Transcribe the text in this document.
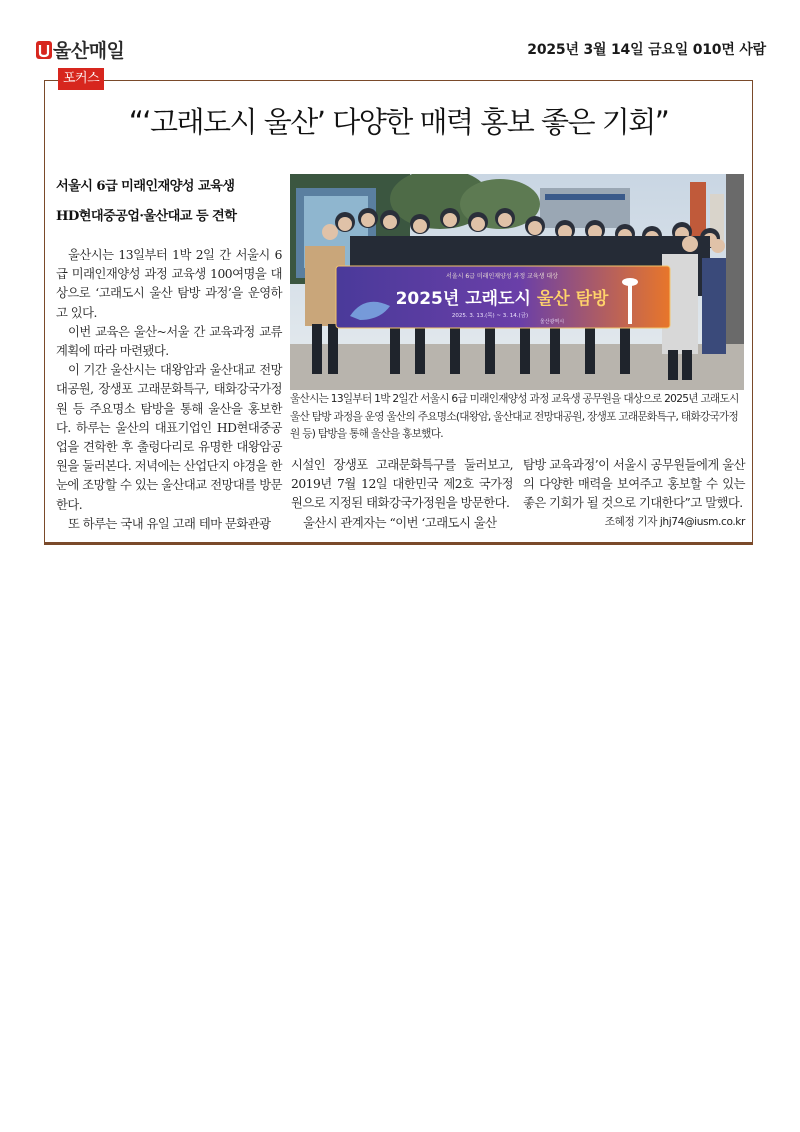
울산매일	2025년 3월 14일 금요일 010면 사람
포커스
“‘고래도시 울산’ 다양한 매력 홍보 좋은 기회”
서울시 6급 미래인재양성 교육생
HD현대중공업·울산대교 등 견학

울산시는 13일부터 1박 2일 간 서울시 6급 미래인재양성 과정 교육생 100여명을 대상으로 ‘고래도시 울산 탐방 과정’을 운영하고 있다.

이번 교육은 울산~서울 간 교육과정 교류 계획에 따라 마련됐다.

이 기간 울산시는 대왕암과 울산대교 전망대공원, 장생포 고래문화특구, 태화강국가정원 등 주요명소 탐방을 통해 울산을 홍보한다. 하루는 울산의 대표기업인 HD현대중공업을 견학한 후 출렁다리로 유명한 대왕암공원을 둘러본다. 저녁에는 산업단지 야경을 한눈에 조망할 수 있는 울산대교 전망대를 방문한다.

또 하루는 국내 유일 고래 테마 문화관광

서울시 6급 미래인재양성 과정 교육생 대상
2025년 고래도시 울산 탐방
2025. 3. 13.(목) ~ 3. 14.(금)
울산광역시
울산시는 13일부터 1박 2일간 서울시 6급 미래인재양성 과정 교육생 공무원을 대상으로 2025년 고래도시 울산 탐방 과정을 운영 울산의 주요명소(대왕암, 울산대교 전망대공원, 장생포 고래문화특구, 태화강국가정원 등) 탐방을 통해 울산을 홍보했다.

시설인 장생포 고래문화특구를 둘러보고, 2019년 7월 12일 대한민국 제2호 국가정원으로 지정된 태화강국가정원을 방문한다.

울산시 관계자는 “이번 ‘고래도시 울산

탐방 교육과정’이 서울시 공무원들에게 울산의 다양한 매력을 보여주고 홍보할 수 있는 좋은 기회가 될 것으로 기대한다”고 말했다.
조혜정 기자 jhj74@iusm.co.kr
